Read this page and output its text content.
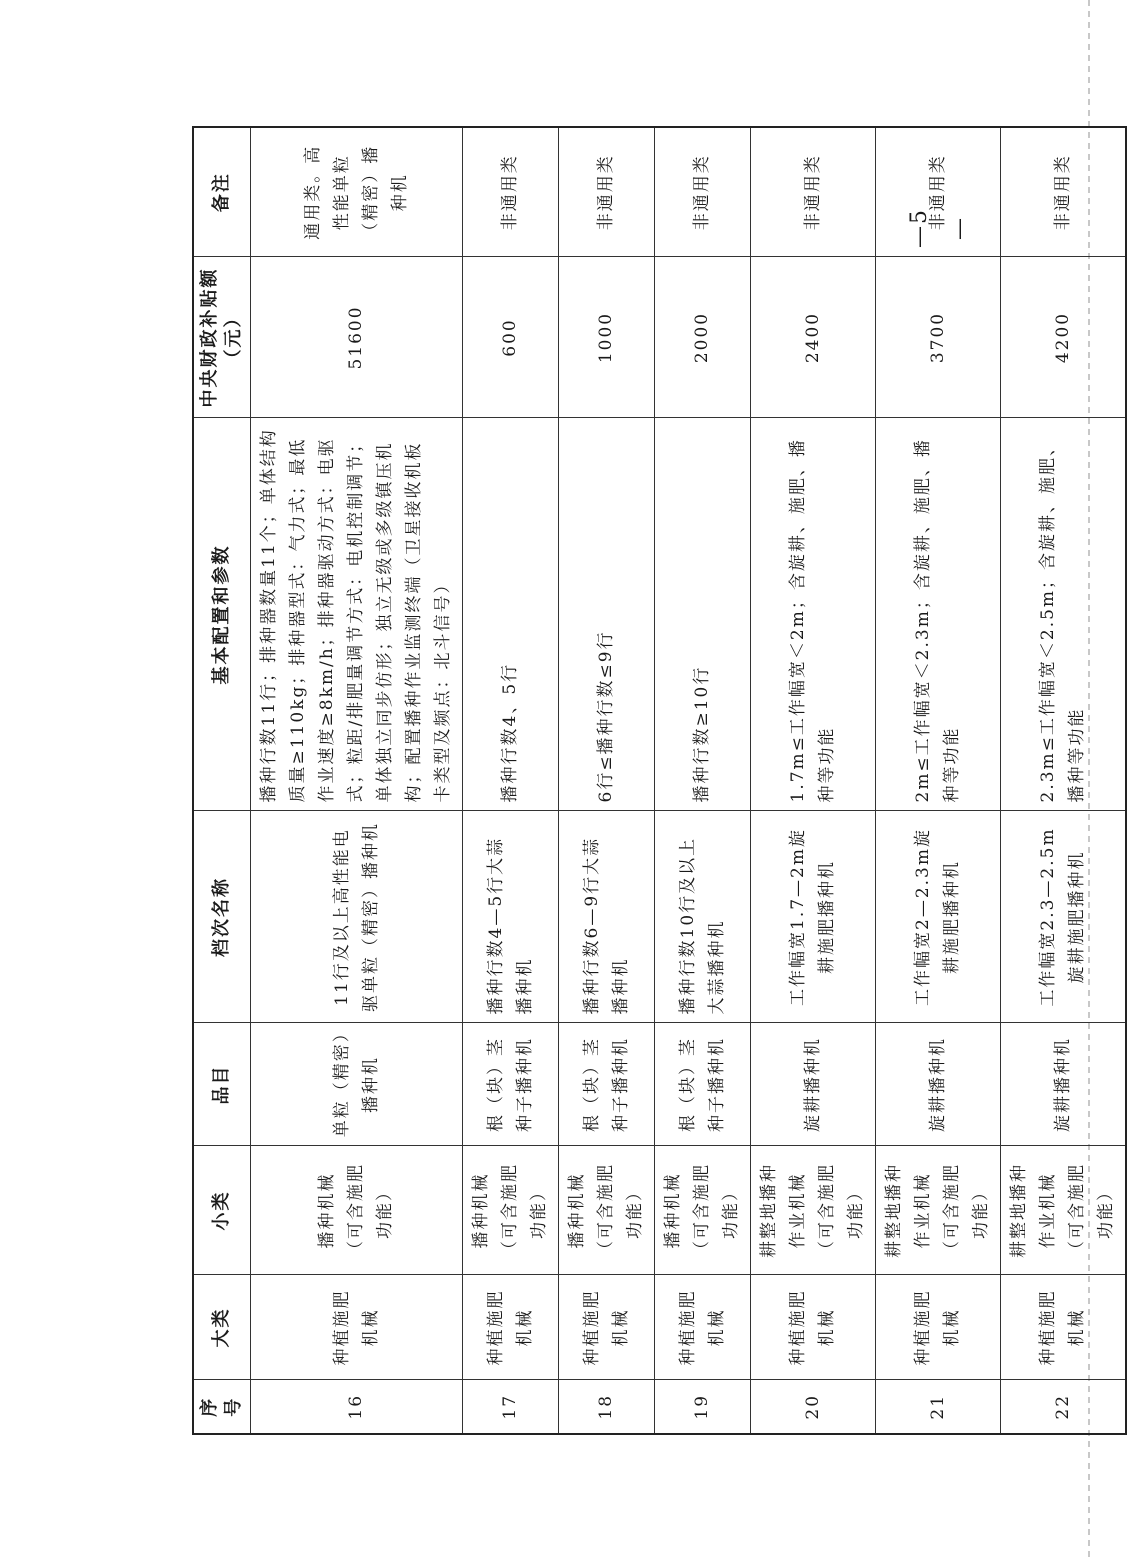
序号	大类	小类	品目	档次名称	基本配置和参数	中央财政补贴额（元）	备注
16	种植施肥机械	播种机械（可含施肥功能）	单粒（精密）播种机	11行及以上高性能电驱单粒（精密）播种机	播种行数11行；排种器数量11个；单体结构质量≥110kg；排种器型式：气力式；最低作业速度≥8km/h；排种器驱动方式：电驱式；粒距/排肥量调节方式：电机控制调节；单体独立同步仿形；独立无级或多级镇压机构；配置播种作业监测终端（卫星接收机板卡类型及频点：北斗信号）	51600	通用类。高性能单粒（精密）播种机
17	种植施肥机械	播种机械（可含施肥功能）	根（块）茎种子播种机	播种行数4—5行大蒜播种机	播种行数4、5行	600	非通用类
18	种植施肥机械	播种机械（可含施肥功能）	根（块）茎种子播种机	播种行数6—9行大蒜播种机	6行≤播种行数≤9行	1000	非通用类
19	种植施肥机械	播种机械（可含施肥功能）	根（块）茎种子播种机	播种行数10行及以上大蒜播种机	播种行数≥10行	2000	非通用类
20	种植施肥机械	耕整地播种作业机械（可含施肥功能）	旋耕播种机	工作幅宽1.7—2m旋耕施肥播种机	1.7m≤工作幅宽＜2m；含旋耕、施肥、播种等功能	2400	非通用类
21	种植施肥机械	耕整地播种作业机械（可含施肥功能）	旋耕播种机	工作幅宽2—2.3m旋耕施肥播种机	2m≤工作幅宽＜2.3m；含旋耕、施肥、播种等功能	3700	非通用类
22	种植施肥机械	耕整地播种作业机械（可含施肥功能）	旋耕播种机	工作幅宽2.3—2.5m旋耕施肥播种机	2.3m≤工作幅宽＜2.5m；含旋耕、施肥、播种等功能	4200	非通用类
—5—
